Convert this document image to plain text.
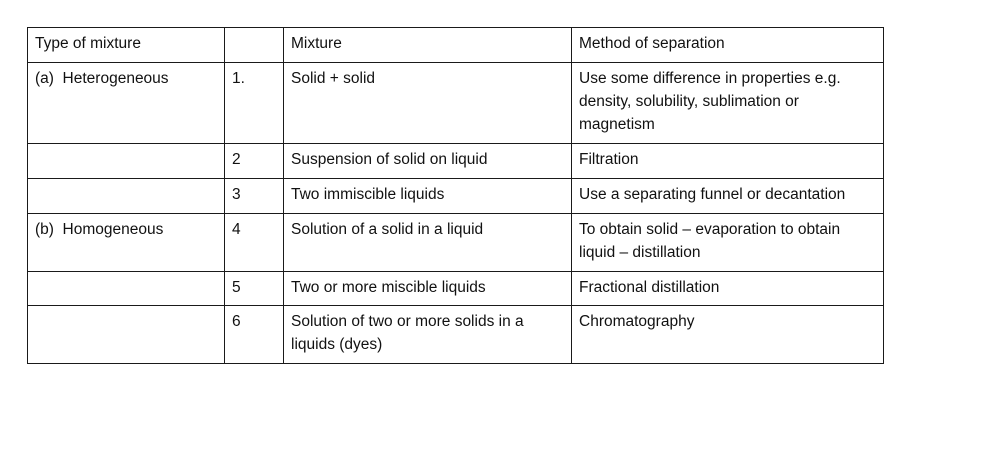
Type of mixture		Mixture	Method of separation
(a)  Heterogeneous	1.	Solid + solid	Use some difference in properties e.g. density, solubility, sublimation or magnetism
	2	Suspension of solid on liquid	Filtration
	3	Two immiscible liquids	Use a separating funnel or decantation
(b)  Homogeneous	4	Solution of a solid in a liquid	To obtain solid – evaporation to obtain liquid – distillation
	5	Two or more miscible liquids	Fractional distillation
	6	Solution of two or more solids in a liquids (dyes)	Chromatography
